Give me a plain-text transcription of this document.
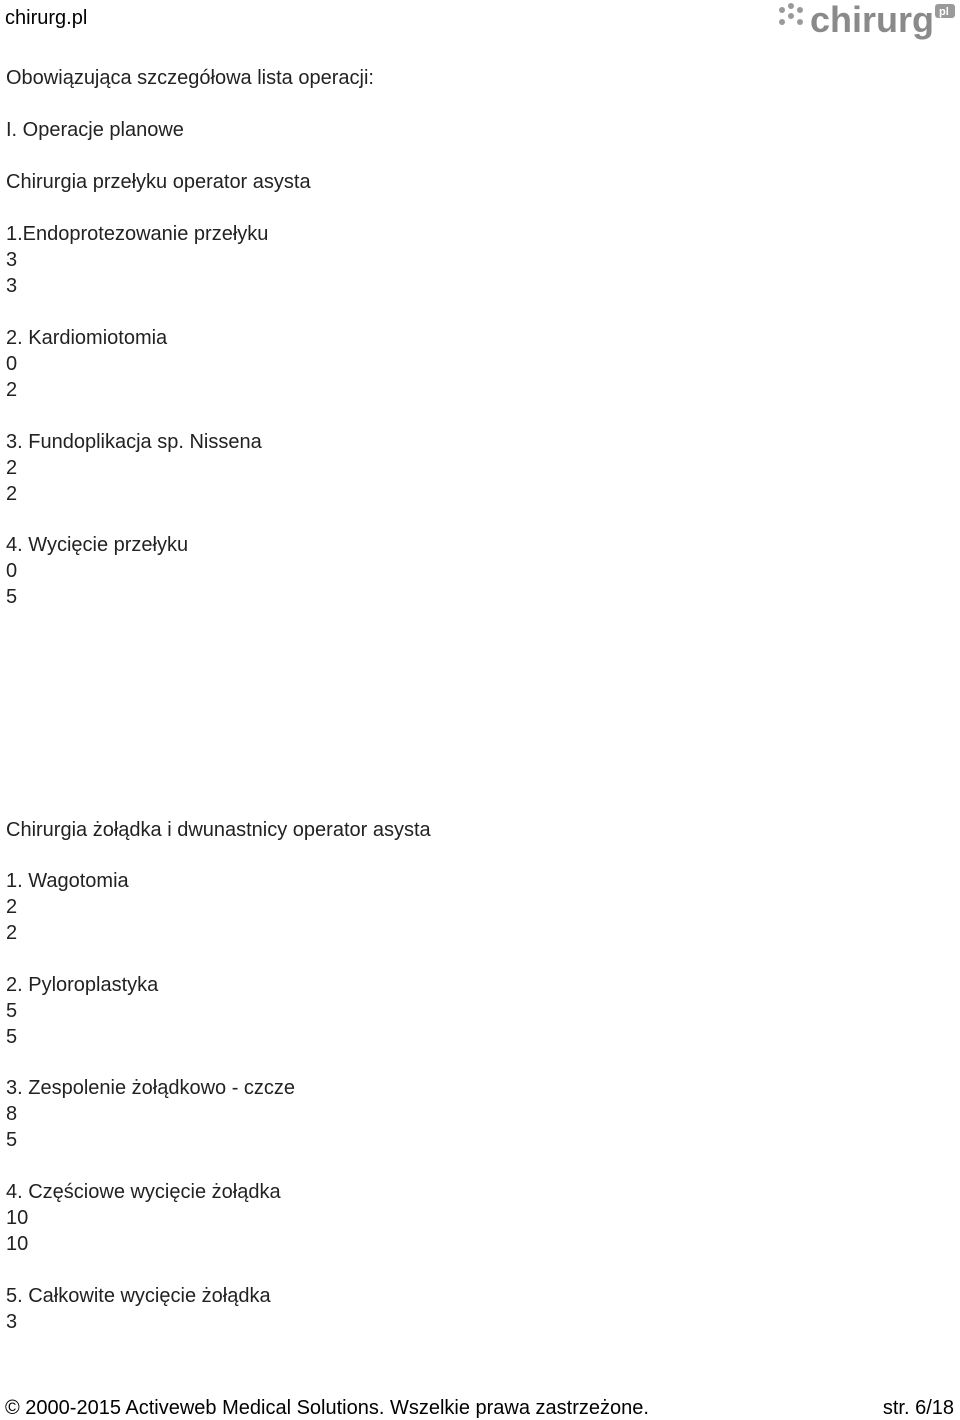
chirurg.pl	chirurg pl
Obowiązująca szczegółowa lista operacji:
I. Operacje planowe
Chirurgia przełyku operator asysta
1.Endoprotezowanie przełyku
3
3
2. Kardiomiotomia
0
2
3. Fundoplikacja sp. Nissena
2
2
4. Wycięcie przełyku
0
5
Chirurgia żołądka i dwunastnicy operator asysta
1. Wagotomia
2
2
2. Pyloroplastyka
5
5
3. Zespolenie żołądkowo - czcze
8
5
4. Częściowe wycięcie żołądka
10
10
5. Całkowite wycięcie żołądka
3
© 2000-2015 Activeweb Medical Solutions. Wszelkie prawa zastrzeżone.	str. 6/18
